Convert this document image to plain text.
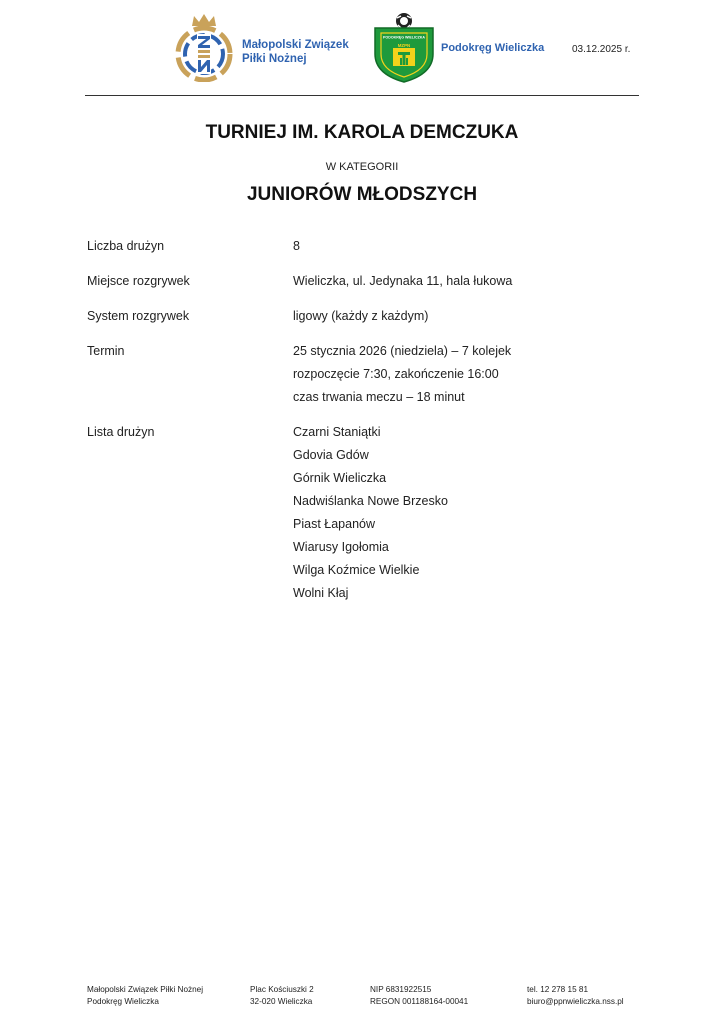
Małopolski Związek
Piłki Nożnej
PODOKRĘG WIELICZKA
MZPN	Podokręg Wieliczka	03.12.2025 r.
TURNIEJ IM. KAROLA DEMCZUKA
W KATEGORII
JUNIORÓW MŁODSZYCH
Liczba drużyn	8
Miejsce rozgrywek	Wieliczka, ul. Jedynaka 11, hala łukowa
System rozgrywek	ligowy (każdy z każdym)
Termin	25 stycznia 2026 (niedziela) – 7 kolejek
rozpoczęcie 7:30, zakończenie 16:00
czas trwania meczu – 18 minut
Lista drużyn	Czarni Staniątki
Gdovia Gdów
Górnik Wieliczka
Nadwiślanka Nowe Brzesko
Piast Łapanów
Wiarusy Igołomia
Wilga Koźmice Wielkie
Wolni Kłaj
Małopolski Związek Piłki Nożnej
Podokręg Wieliczka
Plac Kościuszki 2
32-020 Wieliczka
NIP 6831922515
REGON 001188164-00041
tel. 12 278 15 81
biuro@ppnwieliczka.nss.pl
